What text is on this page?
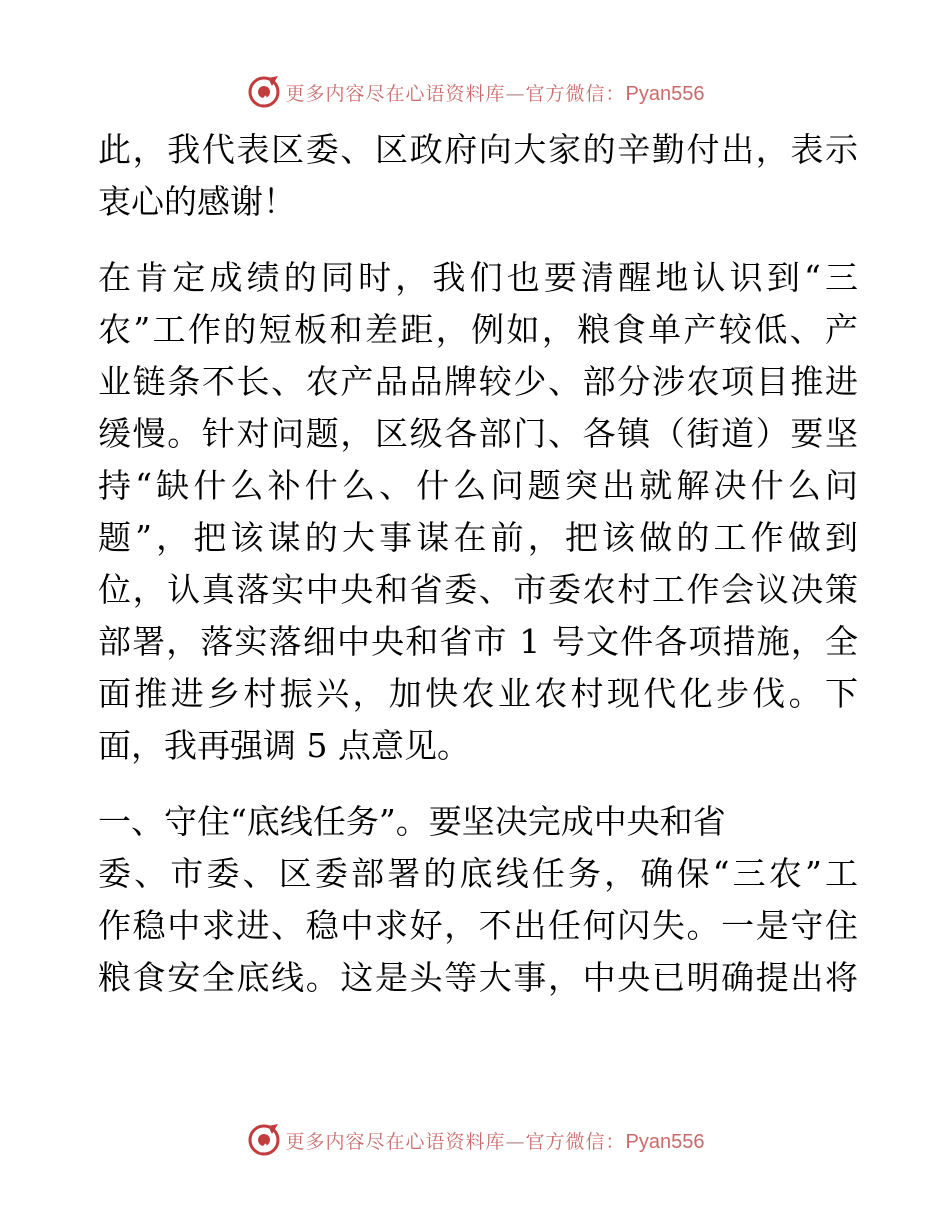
更多内容尽在心语资料库—官方微信：Pyan556
此，我代表区委、区政府向大家的辛勤付出，表示
衷心的感谢！
在肯定成绩的同时，我们也要清醒地认识到“三
农”工作的短板和差距，例如，粮食单产较低、产
业链条不长、农产品品牌较少、部分涉农项目推进
缓慢。针对问题，区级各部门、各镇（街道）要坚
持“缺什么补什么、什么问题突出就解决什么问
题”，把该谋的大事谋在前，把该做的工作做到
位，认真落实中央和省委、市委农村工作会议决策
部署，落实落细中央和省市 1 号文件各项措施，全
面推进乡村振兴，加快农业农村现代化步伐。下
面，我再强调 5 点意见。
一、守住“底线任务”。要坚决完成中央和省
委、市委、区委部署的底线任务，确保“三农”工
作稳中求进、稳中求好，不出任何闪失。一是守住
粮食安全底线。这是头等大事，中央已明确提出将
更多内容尽在心语资料库—官方微信：Pyan556
